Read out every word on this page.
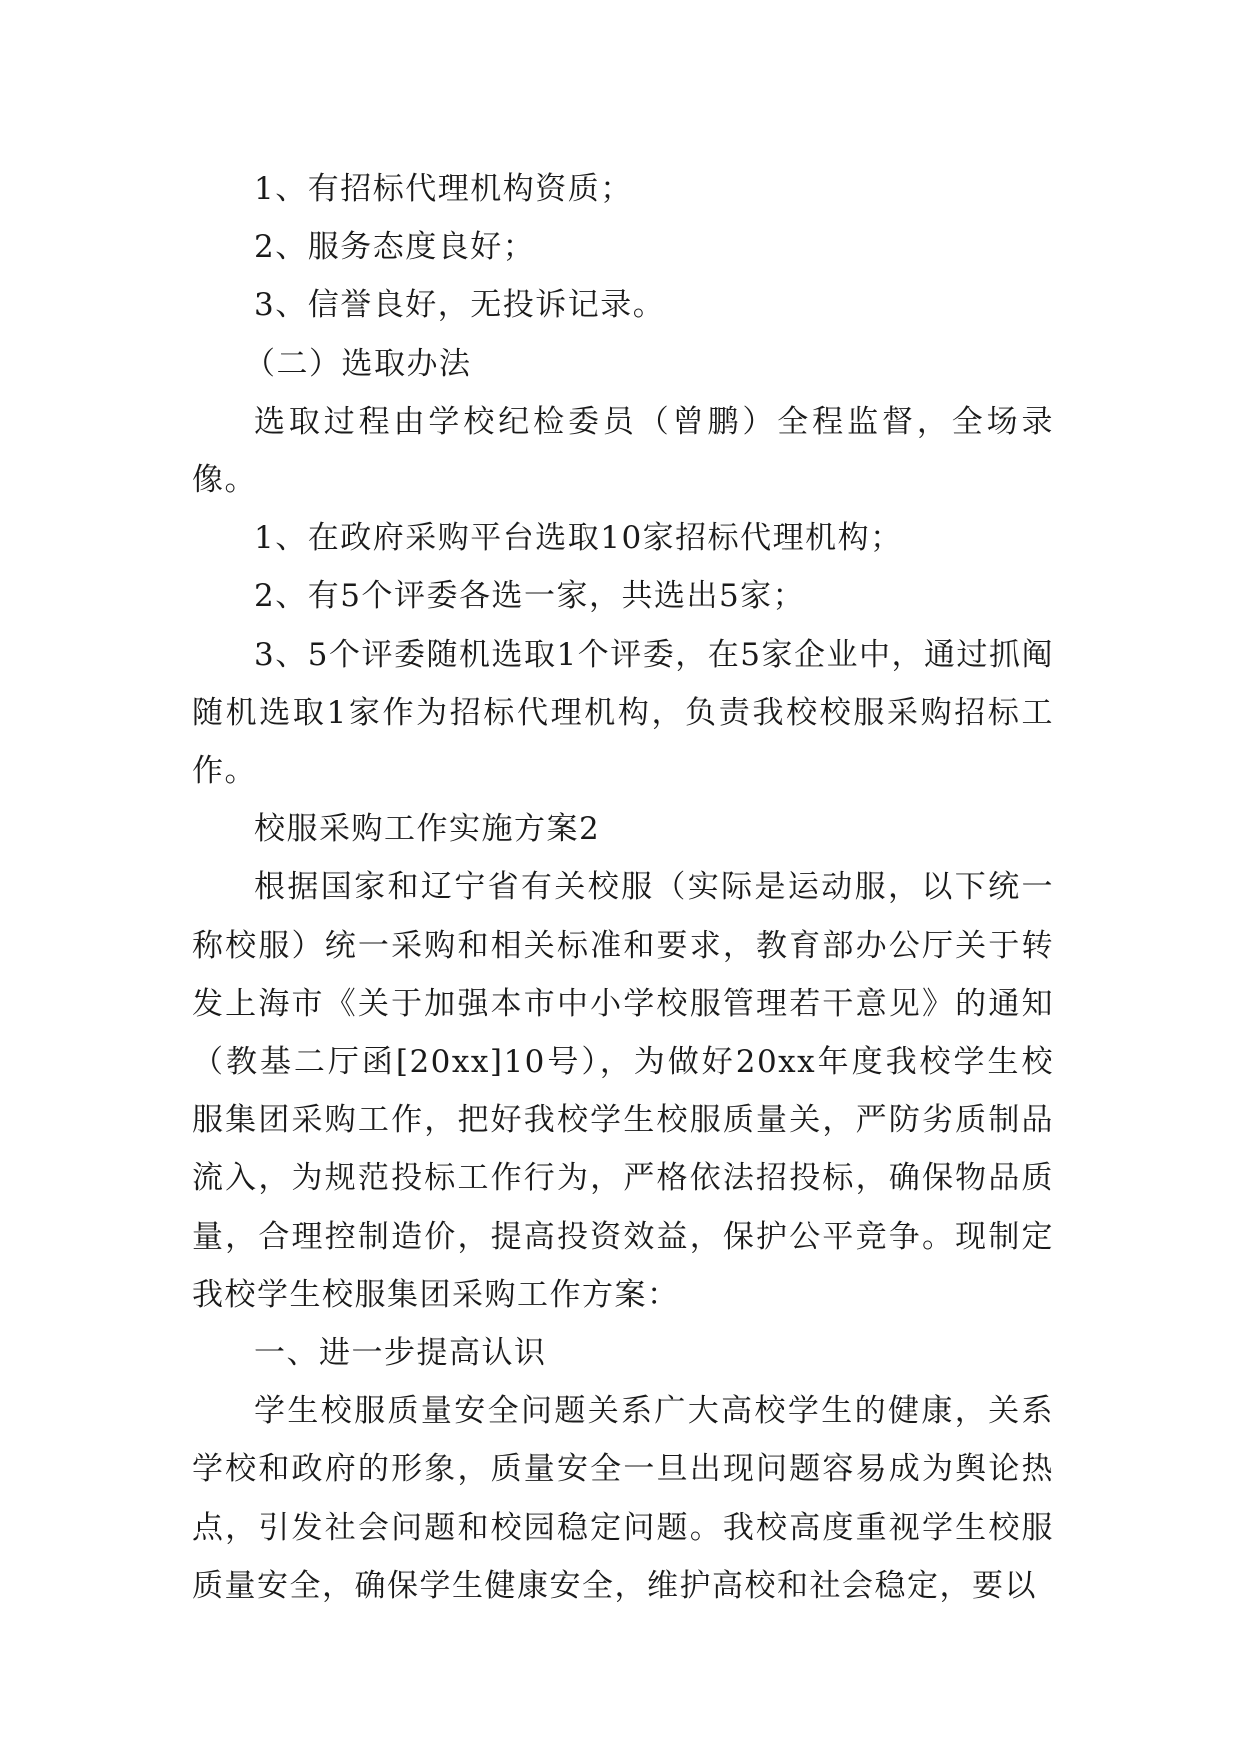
1、有招标代理机构资质；

2、服务态度良好；

3、信誉良好，无投诉记录。

（二）选取办法

选取过程由学校纪检委员（曾鹏）全程监督，全场录像。

1、在政府采购平台选取10家招标代理机构；

2、有5个评委各选一家，共选出5家；

3、5个评委随机选取1个评委，在5家企业中，通过抓阄随机选取1家作为招标代理机构，负责我校校服采购招标工作。

校服采购工作实施方案2

根据国家和辽宁省有关校服（实际是运动服，以下统一称校服）统一采购和相关标准和要求，教育部办公厅关于转发上海市《关于加强本市中小学校服管理若干意见》的通知（教基二厅函[20xx]10号），为做好20xx年度我校学生校服集团采购工作，把好我校学生校服质量关，严防劣质制品流入，为规范投标工作行为，严格依法招投标，确保物品质量，合理控制造价，提高投资效益，保护公平竞争。现制定我校学生校服集团采购工作方案：

一、进一步提高认识

学生校服质量安全问题关系广大高校学生的健康，关系学校和政府的形象，质量安全一旦出现问题容易成为舆论热点，引发社会问题和校园稳定问题。我校高度重视学生校服质量安全，确保学生健康安全，维护高校和社会稳定，要以
